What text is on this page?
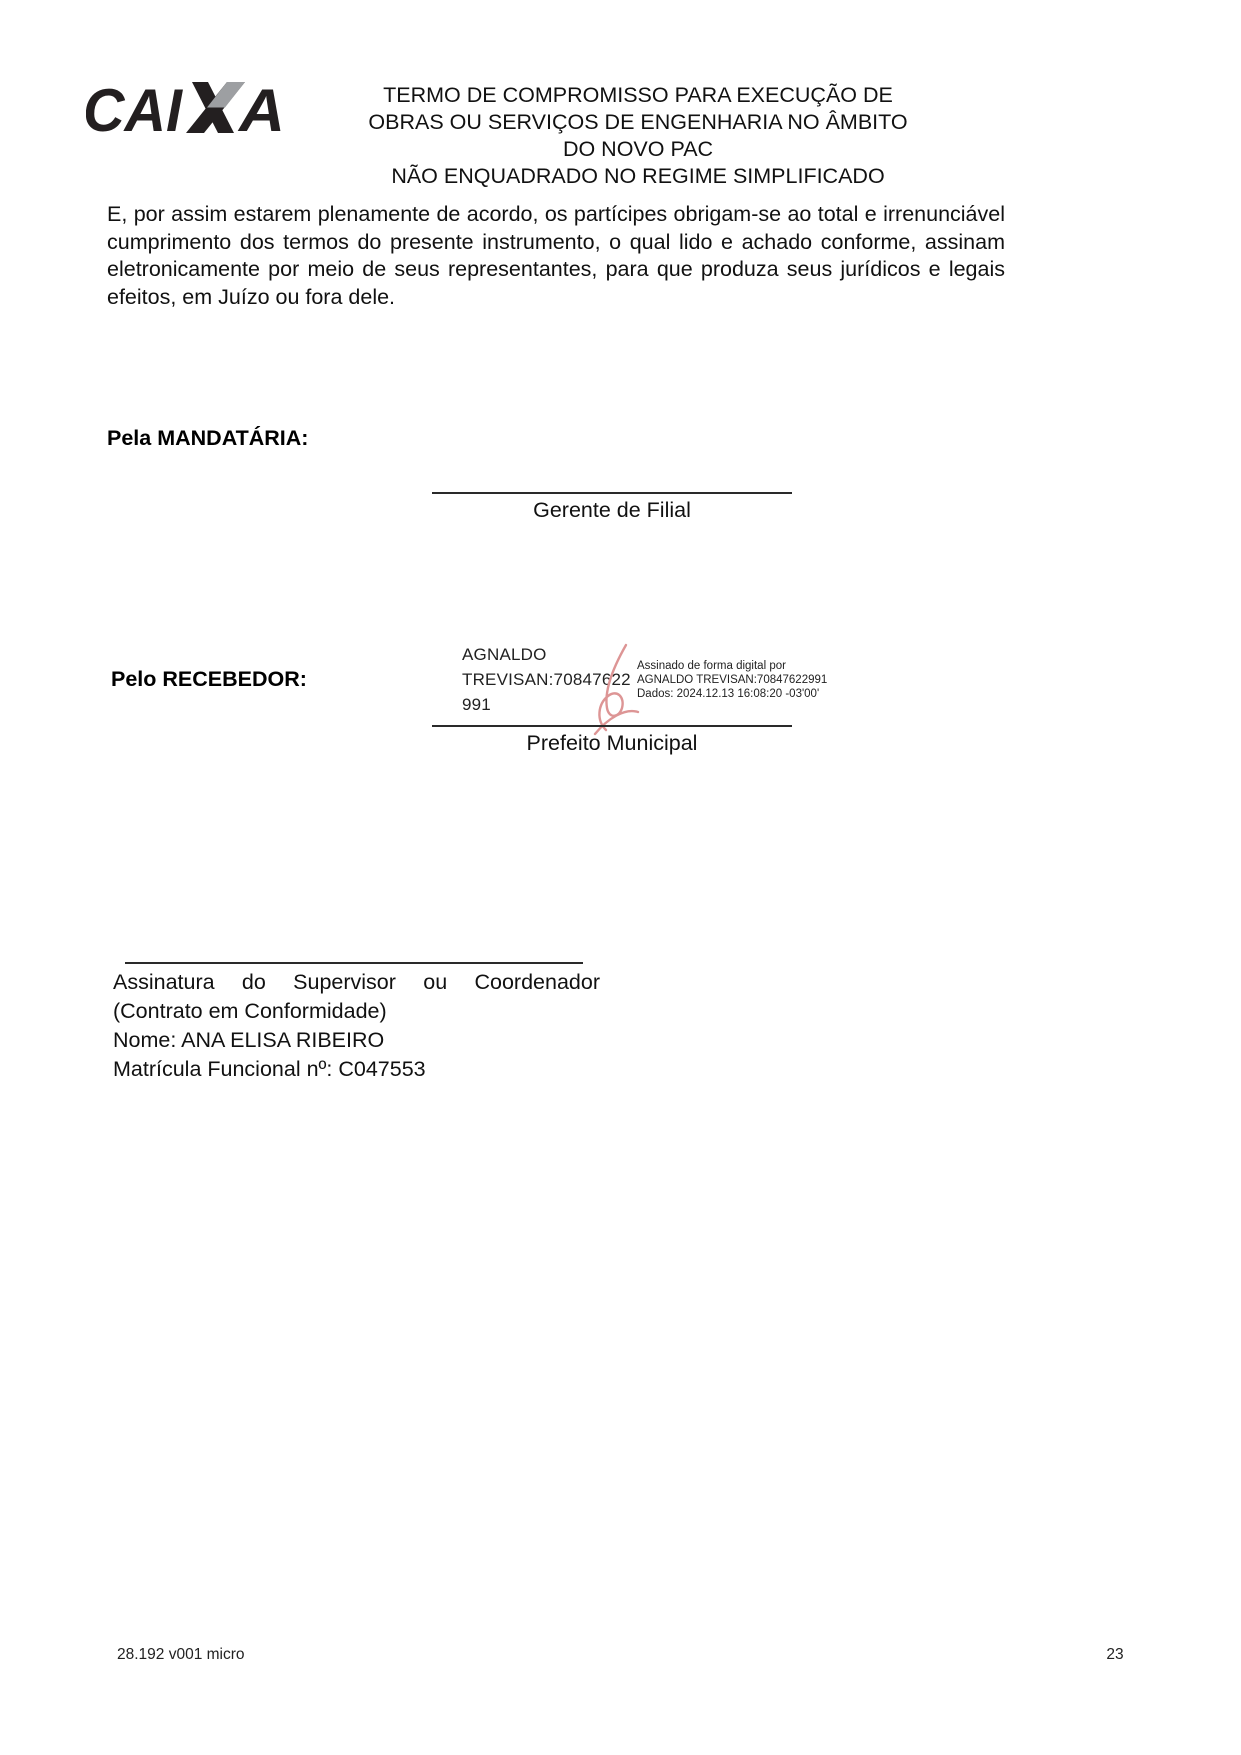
CAI A	TERMO DE COMPROMISSO PARA EXECUÇÃO DE
OBRAS OU SERVIÇOS DE ENGENHARIA NO ÂMBITO
DO NOVO PAC
NÃO ENQUADRADO NO REGIME SIMPLIFICADO
E, por assim estarem plenamente de acordo, os partícipes obrigam-se ao total e irrenunciável cumprimento dos termos do presente instrumento, o qual lido e achado conforme, assinam eletronicamente por meio de seus representantes, para que produza seus jurídicos e legais efeitos, em Juízo ou fora dele.
Pela MANDATÁRIA:
Gerente de Filial
Pelo RECEBEDOR:
AGNALDO
TREVISAN:70847622
991
Assinado de forma digital por
AGNALDO TREVISAN:70847622991
Dados: 2024.12.13 16:08:20 -03'00'
Prefeito Municipal
Assinatura do Supervisor ou Coordenador
(Contrato em Conformidade)
Nome: ANA ELISA RIBEIRO
Matrícula Funcional nº: C047553
28.192 v001 micro	23
